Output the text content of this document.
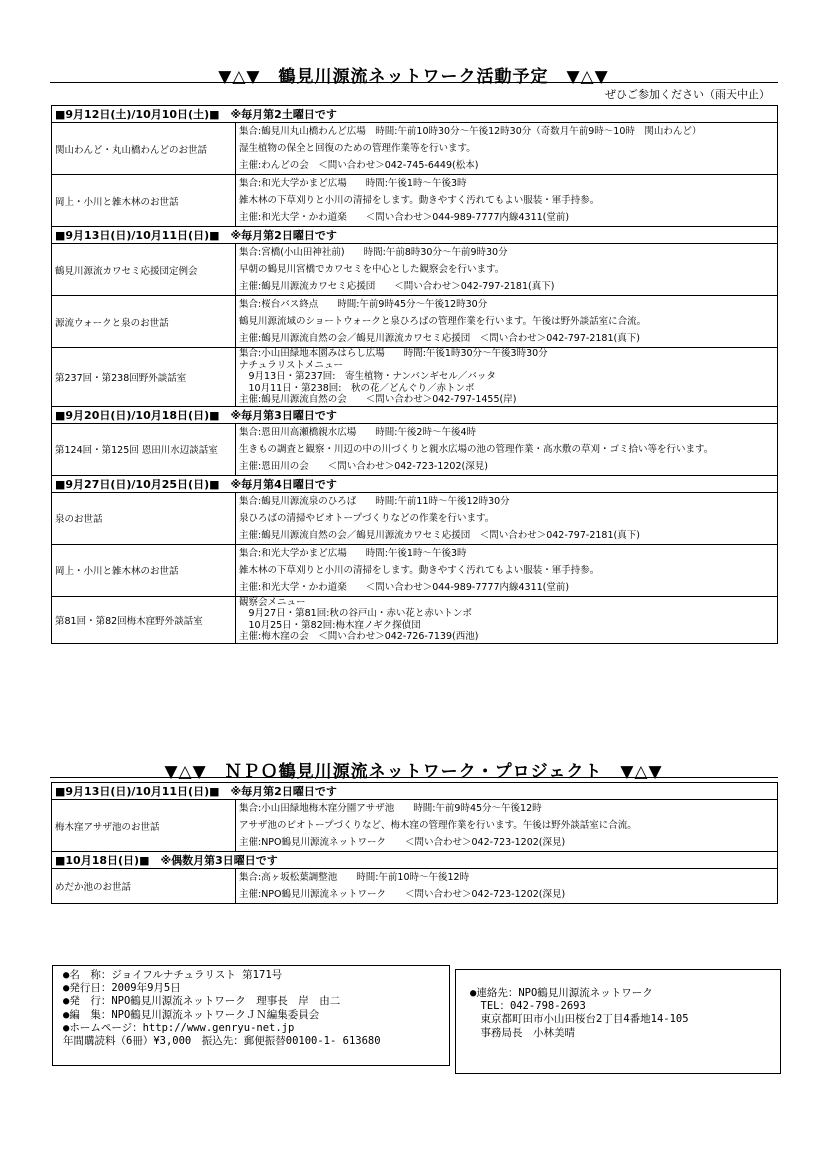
▼△▼　鶴見川源流ネットワーク活動予定　▼△▼
ぜひご参加ください（雨天中止）
■9月12日(土)/10月10日(土)■　※毎月第2土曜日です	
関山わんど・丸山橋わんどのお世話	集合:鶴見川丸山橋わんど広場　時間:午前10時30分～午後12時30分（奇数月午前9時～10時　関山わんど）
湿生植物の保全と回復のための管理作業等を行います。
主催:わんどの会　＜問い合わせ＞042-745-6449(松本)

岡上・小川と雑木林のお世話	集合:和光大学かまど広場　　時間:午後1時～午後3時
雑木林の下草刈りと小川の清掃をします。動きやすく汚れてもよい服装・軍手持参。
主催:和光大学・かわ道楽　　＜問い合わせ＞044-989-7777内線4311(堂前)

■9月13日(日)/10月11日(日)■　※毎月第2日曜日です	
鶴見川源流カワセミ応援団定例会	集合:宮橋(小山田神社前)　　時間:午前8時30分～午前9時30分
早朝の鶴見川宮橋でカワセミを中心とした観察会を行います。
主催:鶴見川源流カワセミ応援団　　＜問い合わせ＞042-797-2181(真下)

源流ウォークと泉のお世話	集合:桜台バス終点　　時間:午前9時45分～午後12時30分
鶴見川源流域のショートウォークと泉ひろばの管理作業を行います。午後は野外談話室に合流。
主催:鶴見川源流自然の会／鶴見川源流カワセミ応援団　＜問い合わせ＞042-797-2181(真下)

第237回・第238回野外談話室	集合:小山田緑地本園みはらし広場　　時間:午後1時30分～午後3時30分
ナチュラリストメニュー
　9月13日・第237回:　寄生植物・ナンバンギセル／バッタ
　10月11日・第238回:　秋の花／どんぐり／赤トンボ
主催:鶴見川源流自然の会　　＜問い合わせ＞042-797-1455(岸)

■9月20日(日)/10月18日(日)■　※毎月第3日曜日です	
第124回・第125回 恩田川水辺談話室	集合:恩田川高瀬橋親水広場　　時間:午後2時～午後4時
生きもの調査と観察・川辺の中の川づくりと親水広場の池の管理作業・高水敷の草刈・ゴミ拾い等を行います。
主催:恩田川の会　　＜問い合わせ＞042-723-1202(深見)

■9月27日(日)/10月25日(日)■　※毎月第4日曜日です	
泉のお世話	集合:鶴見川源流泉のひろば　　時間:午前11時～午後12時30分
泉ひろばの清掃やビオトープづくりなどの作業を行います。
主催:鶴見川源流自然の会／鶴見川源流カワセミ応援団　＜問い合わせ＞042-797-2181(真下)

岡上・小川と雑木林のお世話	集合:和光大学かまど広場　　時間:午後1時～午後3時
雑木林の下草刈りと小川の清掃をします。動きやすく汚れてもよい服装・軍手持参。
主催:和光大学・かわ道楽　　＜問い合わせ＞044-989-7777内線4311(堂前)

第81回・第82回梅木窪野外談話室	観察会メニュー
　9月27日・第81回:秋の谷戸山・赤い花と赤いトンボ
　10月25日・第82回:梅木窪ノギク探偵団
主催:梅木窪の会　＜問い合わせ＞042-726-7139(西池)
▼△▼　ＮＰＯ鶴見川源流ネットワーク・プロジェクト　▼△▼
■9月13日(日)/10月11日(日)■　※毎月第2日曜日です	
梅木窪アサザ池のお世話	集合:小山田緑地梅木窪分園アサザ池　　時間:午前9時45分～午後12時
アサザ池のビオトープづくりなど、梅木窪の管理作業を行います。午後は野外談話室に合流。
主催:NPO鶴見川源流ネットワーク　　＜問い合わせ＞042-723-1202(深見)

■10月18日(日)■　※偶数月第3日曜日です	
めだか池のお世話	集合:高ヶ坂松葉調整池　　時間:午前10時～午後12時
主催:NPO鶴見川源流ネットワーク　　＜問い合わせ＞042-723-1202(深見)
●名　称：ジョイフルナチュラリスト 第171号
●発行日：2009年9月5日
●発　行：NPO鶴見川源流ネットワーク　理事長　岸　由二
●編　集：NPO鶴見川源流ネットワークＪＮ編集委員会
●ホームページ：http://www.genryu-net.jp
年間購読料（6冊）¥3,000　振込先：郵便振替00100-1- 613680
●連絡先：NPO鶴見川源流ネットワーク
　TEL：042-798-2693
　東京都町田市小山田桜台2丁目4番地14-105
　事務局長　小林美晴
